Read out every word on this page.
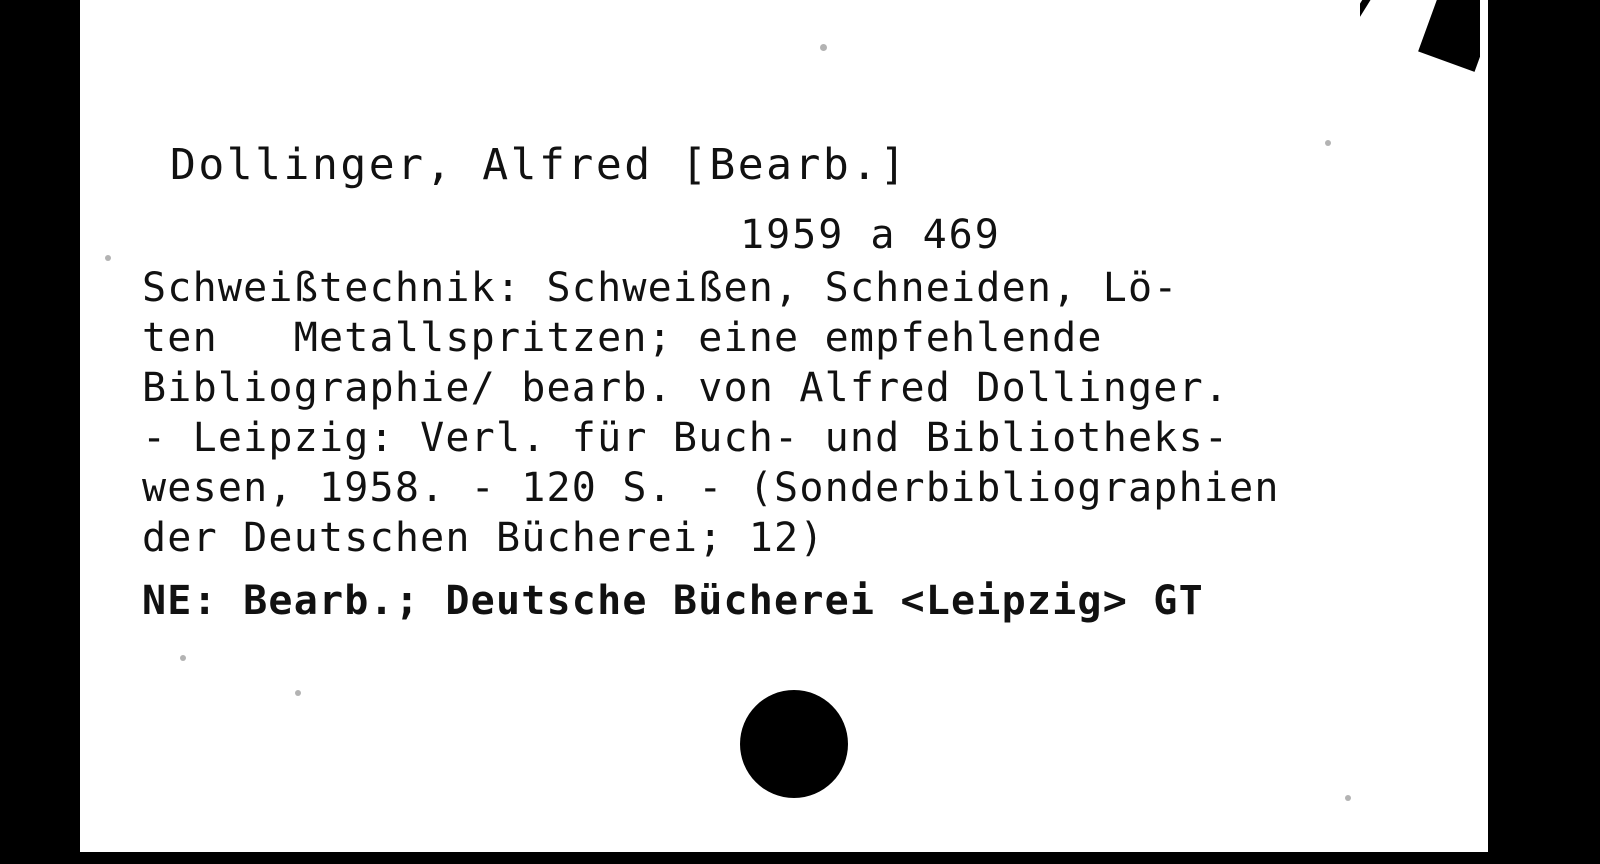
Dollinger, Alfred [Bearb.]
1959 a 469
Schweißtechnik: Schweißen, Schneiden, Lö-
ten   Metallspritzen; eine empfehlende
Bibliographie/ bearb. von Alfred Dollinger.
- Leipzig: Verl. für Buch- und Bibliotheks-
wesen, 1958. - 120 S. - (Sonderbibliographien
der Deutschen Bücherei; 12)
NE: Bearb.; Deutsche Bücherei <Leipzig> GT
